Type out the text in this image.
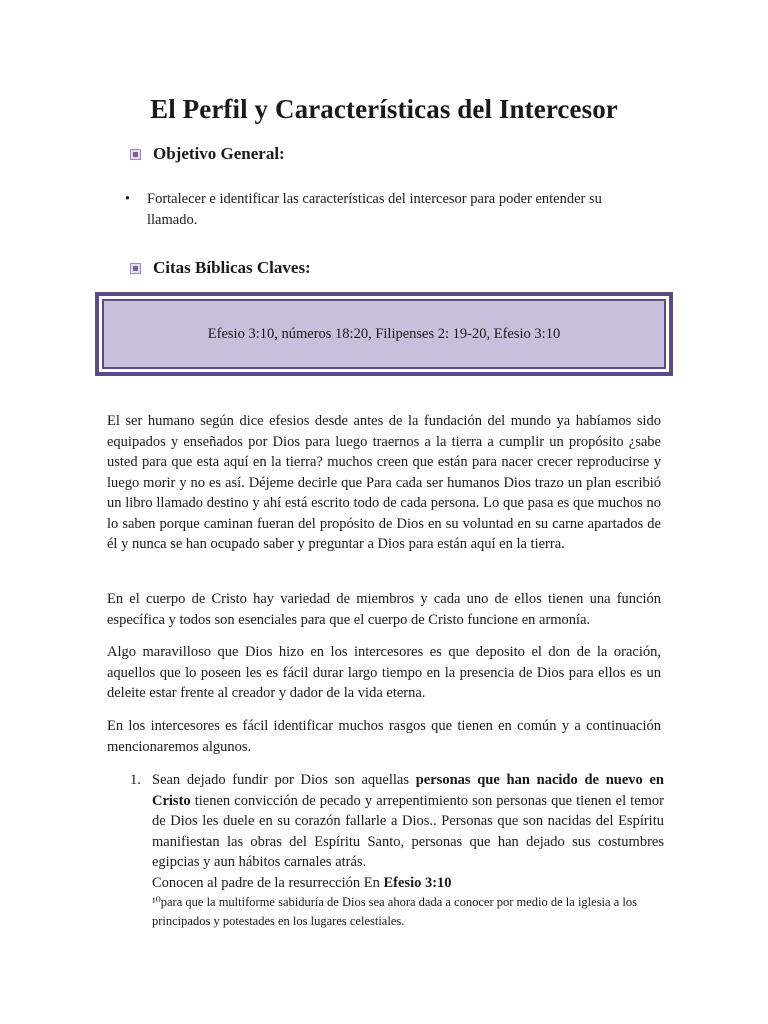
El Perfil y Características del Intercesor
Objetivo General:
•
Fortalecer e identificar las características del intercesor para poder entender su llamado.
Citas Bíblicas Claves:
Efesio 3:10, números 18:20, Filipenses 2: 19-20, Efesio 3:10

El ser humano según dice efesios desde antes de la fundación del mundo ya habíamos sido equipados y enseñados por Dios para luego traernos a la tierra a cumplir un propósito ¿sabe usted para que esta aquí en la tierra? muchos creen que están para nacer crecer reproducirse y luego morir y no es así. Déjeme decirle que Para cada ser humanos Dios trazo un plan escribió un libro llamado destino y ahí está escrito todo de cada persona. Lo que pasa es que muchos no lo saben porque caminan fueran del propósito de Dios en su voluntad en su carne apartados de él y nunca se han ocupado saber y preguntar a Dios para están aquí en la tierra.

En el cuerpo de Cristo hay variedad de miembros y cada uno de ellos tienen una función específica y todos son esenciales para que el cuerpo de Cristo funcione en armonía.

Algo maravilloso que Dios hizo en los intercesores es que deposito el don de la oración, aquellos que lo poseen les es fácil durar largo tiempo en la presencia de Dios para ellos es un deleite estar frente al creador y dador de la vida eterna.

En los intercesores es fácil identificar muchos rasgos que tienen en común y a continuación mencionaremos algunos.

1. Sean dejado fundir por Dios son aquellas personas que han nacido de nuevo en Cristo tienen convicción de pecado y arrepentimiento son personas que tienen el temor de Dios les duele en su corazón fallarle a Dios.. Personas que son nacidas del Espíritu manifiestan las obras del Espíritu Santo, personas que han dejado sus costumbres egipcias y aun hábitos carnales atrás.
Conocen al padre de la resurrección En Efesio 3:10
¹⁰para que la multiforme sabiduría de Dios sea ahora dada a conocer por medio de la iglesia a los principados y potestades en los lugares celestiales.
